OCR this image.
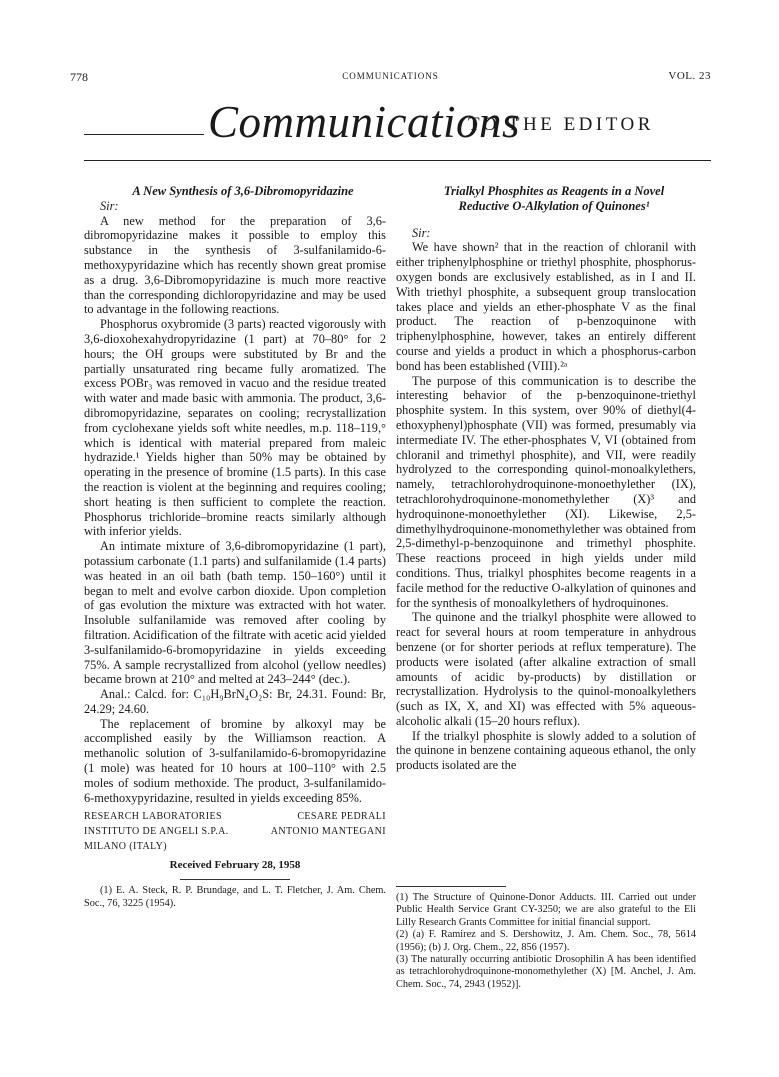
778	COMMUNICATIONS	VOL. 23
Communications
TO THE EDITOR

A New Synthesis of 3,6-Dibromopyridazine

Sir:

A new method for the preparation of 3,6-dibromopyridazine makes it possible to employ this substance in the synthesis of 3-sulfanilamido-6-methoxypyridazine which has recently shown great promise as a drug. 3,6-Dibromopyridazine is much more reactive than the corresponding dichloropyridazine and may be used to advantage in the following reactions.

Phosphorus oxybromide (3 parts) reacted vigorously with 3,6-dioxohexahydropyridazine (1 part) at 70–80° for 2 hours; the OH groups were substituted by Br and the partially unsaturated ring became fully aromatized. The excess POBr₃ was removed in vacuo and the residue treated with water and made basic with ammonia. The product, 3,6-dibromopyridazine, separates on cooling; recrystallization from cyclohexane yields soft white needles, m.p. 118–119,° which is identical with material prepared from maleic hydrazide.¹ Yields higher than 50% may be obtained by operating in the presence of bromine (1.5 parts). In this case the reaction is violent at the beginning and requires cooling; short heating is then sufficient to complete the reaction. Phosphorus trichloride–bromine reacts similarly although with inferior yields.

An intimate mixture of 3,6-dibromopyridazine (1 part), potassium carbonate (1.1 parts) and sulfanilamide (1.4 parts) was heated in an oil bath (bath temp. 150–160°) until it began to melt and evolve carbon dioxide. Upon completion of gas evolution the mixture was extracted with hot water. Insoluble sulfanilamide was removed after cooling by filtration. Acidification of the filtrate with acetic acid yielded 3-sulfanilamido-6-bromopyridazine in yields exceeding 75%. A sample recrystallized from alcohol (yellow needles) became brown at 210° and melted at 243–244° (dec.).

Anal.: Calcd. for: C₁₀H₉BrN₄O₂S: Br, 24.31. Found: Br, 24.29; 24.60.

The replacement of bromine by alkoxyl may be accomplished easily by the Williamson reaction. A methanolic solution of 3-sulfanilamido-6-bromopyridazine (1 mole) was heated for 10 hours at 100–110° with 2.5 moles of sodium methoxide. The product, 3-sulfanilamido-6-methoxypyridazine, resulted in yields exceeding 85%.

RESEARCH LABORATORIES	CESARE PEDRALI
INSTITUTO DE ANGELI S.P.A.	ANTONIO MANTEGANI
MILANO (ITALY)
Received February 28, 1958

(1) E. A. Steck, R. P. Brundage, and L. T. Fletcher, J. Am. Chem. Soc., 76, 3225 (1954).

Trialkyl Phosphites as Reagents in a Novel

Reductive O-Alkylation of Quinones¹

Sir:

We have shown² that in the reaction of chloranil with either triphenylphosphine or triethyl phosphite, phosphorus-oxygen bonds are exclusively established, as in I and II. With triethyl phosphite, a subsequent group translocation takes place and yields an ether-phosphate V as the final product. The reaction of p-benzoquinone with triphenylphosphine, however, takes an entirely different course and yields a product in which a phosphorus-carbon bond has been established (VIII).²ᵃ

The purpose of this communication is to describe the interesting behavior of the p-benzoquinone-triethyl phosphite system. In this system, over 90% of diethyl(4-ethoxyphenyl)phosphate (VII) was formed, presumably via intermediate IV. The ether-phosphates V, VI (obtained from chloranil and trimethyl phosphite), and VII, were readily hydrolyzed to the corresponding quinol-monoalkylethers, namely, tetrachlorohydroquinone-monoethylether (IX), tetrachlorohydroquinone-monomethylether (X)³ and hydroquinone-monoethylether (XI). Likewise, 2,5-dimethylhydroquinone-monomethylether was obtained from 2,5-dimethyl-p-benzoquinone and trimethyl phosphite. These reactions proceed in high yields under mild conditions. Thus, trialkyl phosphites become reagents in a facile method for the reductive O-alkylation of quinones and for the synthesis of monoalkylethers of hydroquinones.

The quinone and the trialkyl phosphite were allowed to react for several hours at room temperature in anhydrous benzene (or for shorter periods at reflux temperature). The products were isolated (after alkaline extraction of small amounts of acidic by-products) by distillation or recrystallization. Hydrolysis to the quinol-monoalkylethers (such as IX, X, and XI) was effected with 5% aqueous-alcoholic alkali (15–20 hours reflux).

If the trialkyl phosphite is slowly added to a solution of the quinone in benzene containing aqueous ethanol, the only products isolated are the

(1) The Structure of Quinone-Donor Adducts. III. Carried out under Public Health Service Grant CY-3250; we are also grateful to the Eli Lilly Research Grants Committee for initial financial support.

(2) (a) F. Ramirez and S. Dershowitz, J. Am. Chem. Soc., 78, 5614 (1956); (b) J. Org. Chem., 22, 856 (1957).

(3) The naturally occurring antibiotic Drosophilin A has been identified as tetrachlorohydroquinone-monomethylether (X) [M. Anchel, J. Am. Chem. Soc., 74, 2943 (1952)].
